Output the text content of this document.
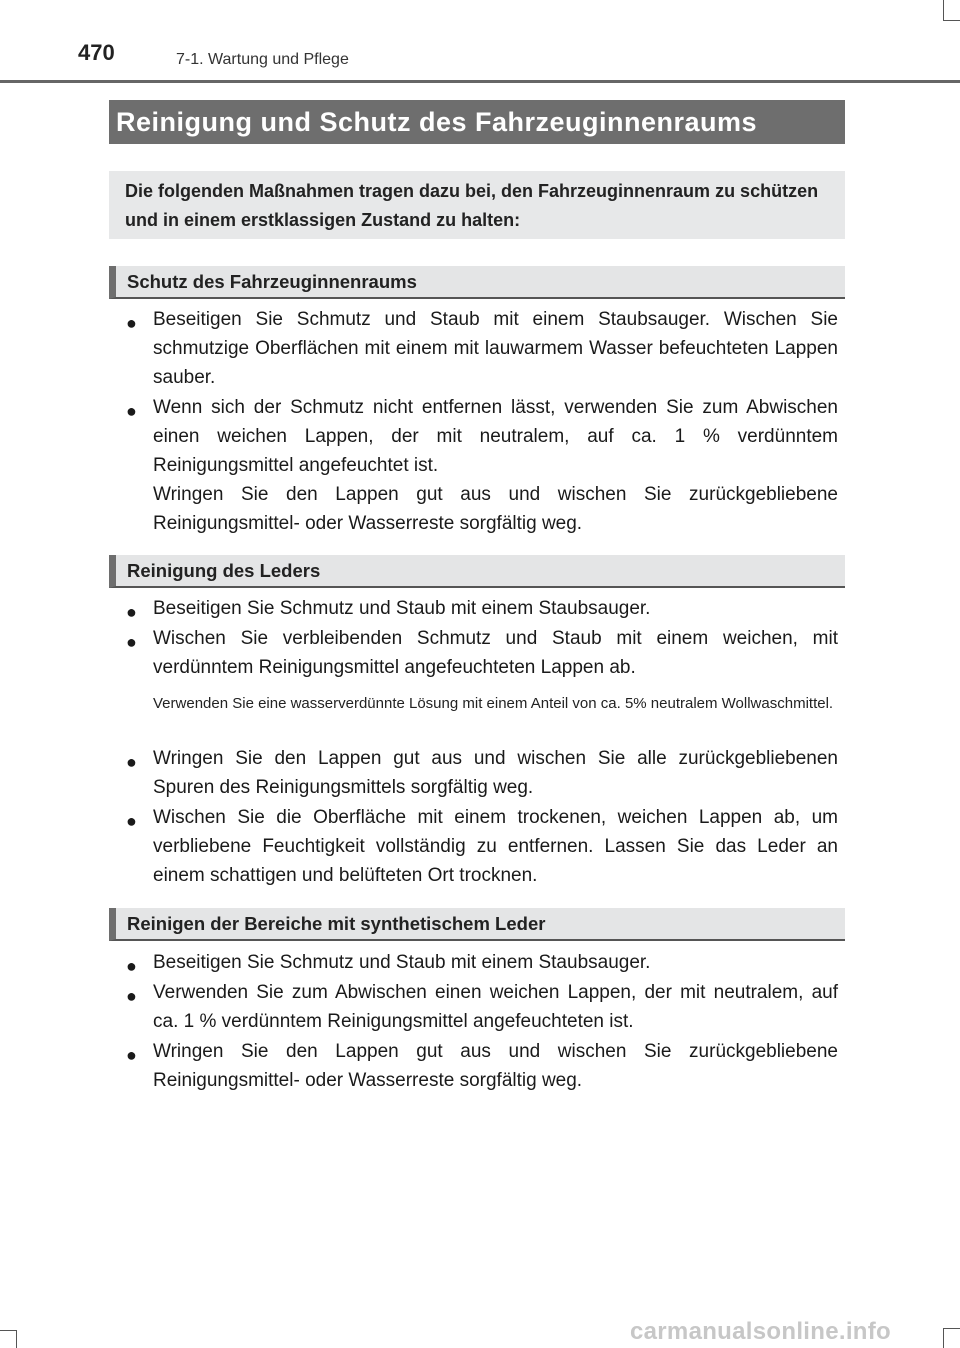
470	7-1. Wartung und Pflege
Reinigung und Schutz des Fahrzeuginnenraums
Die folgenden Maßnahmen tragen dazu bei, den Fahrzeuginnenraum zu schützen und in einem erstklassigen Zustand zu halten:
Schutz des Fahrzeuginnenraums
● Beseitigen Sie Schmutz und Staub mit einem Staubsauger. Wischen Sie schmutzige Oberflächen mit einem mit lauwarmem Wasser befeuchteten Lappen sauber.
● Wenn sich der Schmutz nicht entfernen lässt, verwenden Sie zum Abwischen einen weichen Lappen, der mit neutralem, auf ca. 1 % verdünntem Reinigungsmittel angefeuchtet ist.
Wringen Sie den Lappen gut aus und wischen Sie zurückgebliebene Reinigungsmittel- oder Wasserreste sorgfältig weg.
Reinigung des Leders
● Beseitigen Sie Schmutz und Staub mit einem Staubsauger.
● Wischen Sie verbleibenden Schmutz und Staub mit einem weichen, mit verdünntem Reinigungsmittel angefeuchteten Lappen ab.
Verwenden Sie eine wasserverdünnte Lösung mit einem Anteil von ca. 5% neutralem Wollwaschmittel.
● Wringen Sie den Lappen gut aus und wischen Sie alle zurückgebliebenen Spuren des Reinigungsmittels sorgfältig weg.
● Wischen Sie die Oberfläche mit einem trockenen, weichen Lappen ab, um verbliebene Feuchtigkeit vollständig zu entfernen. Lassen Sie das Leder an einem schattigen und belüfteten Ort trocknen.
Reinigen der Bereiche mit synthetischem Leder
● Beseitigen Sie Schmutz und Staub mit einem Staubsauger.
● Verwenden Sie zum Abwischen einen weichen Lappen, der mit neutralem, auf ca. 1 % verdünntem Reinigungsmittel angefeuchteten ist.
● Wringen Sie den Lappen gut aus und wischen Sie zurückgebliebene Reinigungsmittel- oder Wasserreste sorgfältig weg.
carmanualsonline.info
